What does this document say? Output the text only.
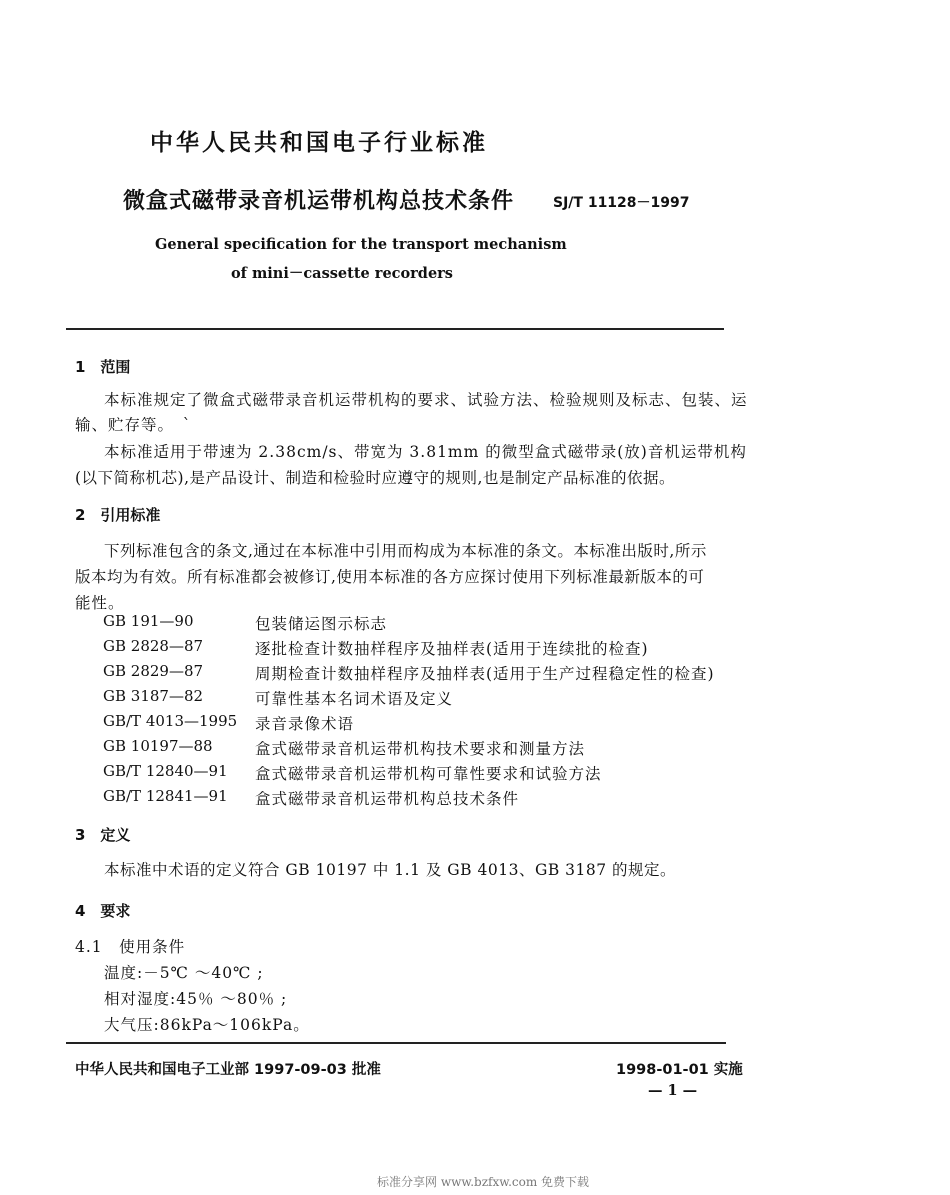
中华人民共和国电子行业标准
微盒式磁带录音机运带机构总技术条件	SJ/T 11128－1997
General specification for the transport mechanism
of mini－cassette recorders
1　范围
本标准规定了微盒式磁带录音机运带机构的要求、试验方法、检验规则及标志、包装、运
输、贮存等。　ˋ
本标准适用于带速为 2.38cm/s、带宽为 3.81mm 的微型盒式磁带录(放)音机运带机构
(以下简称机芯),是产品设计、制造和检验时应遵守的规则,也是制定产品标准的依据。
2　引用标准
下列标准包含的条文,通过在本标准中引用而构成为本标准的条文。本标准出版时,所示
版本均为有效。所有标准都会被修订,使用本标准的各方应探讨使用下列标准最新版本的可
能性。
GB 191—90	包装储运图示标志
GB 2828—87	逐批检查计数抽样程序及抽样表(适用于连续批的检查)
GB 2829—87	周期检查计数抽样程序及抽样表(适用于生产过程稳定性的检查)
GB 3187—82	可靠性基本名词术语及定义
GB/T 4013—1995 录音录像术语
GB 10197—88	盒式磁带录音机运带机构技术要求和测量方法
GB/T 12840—91 盒式磁带录音机运带机构可靠性要求和试验方法
GB/T 12841—91 盒式磁带录音机运带机构总技术条件
3　定义
本标准中术语的定义符合 GB 10197 中 1.1 及 GB 4013、GB 3187 的规定。
4　要求
4.1　使用条件
温度:－5℃ ～40℃ ;
相对湿度:45％ ～80％ ;
大气压:86kPa～106kPa。
中华人民共和国电子工业部 1997-09-03 批准	1998-01-01 实施
— 1 —
标准分享网 www.bzfxw.com 免费下载
